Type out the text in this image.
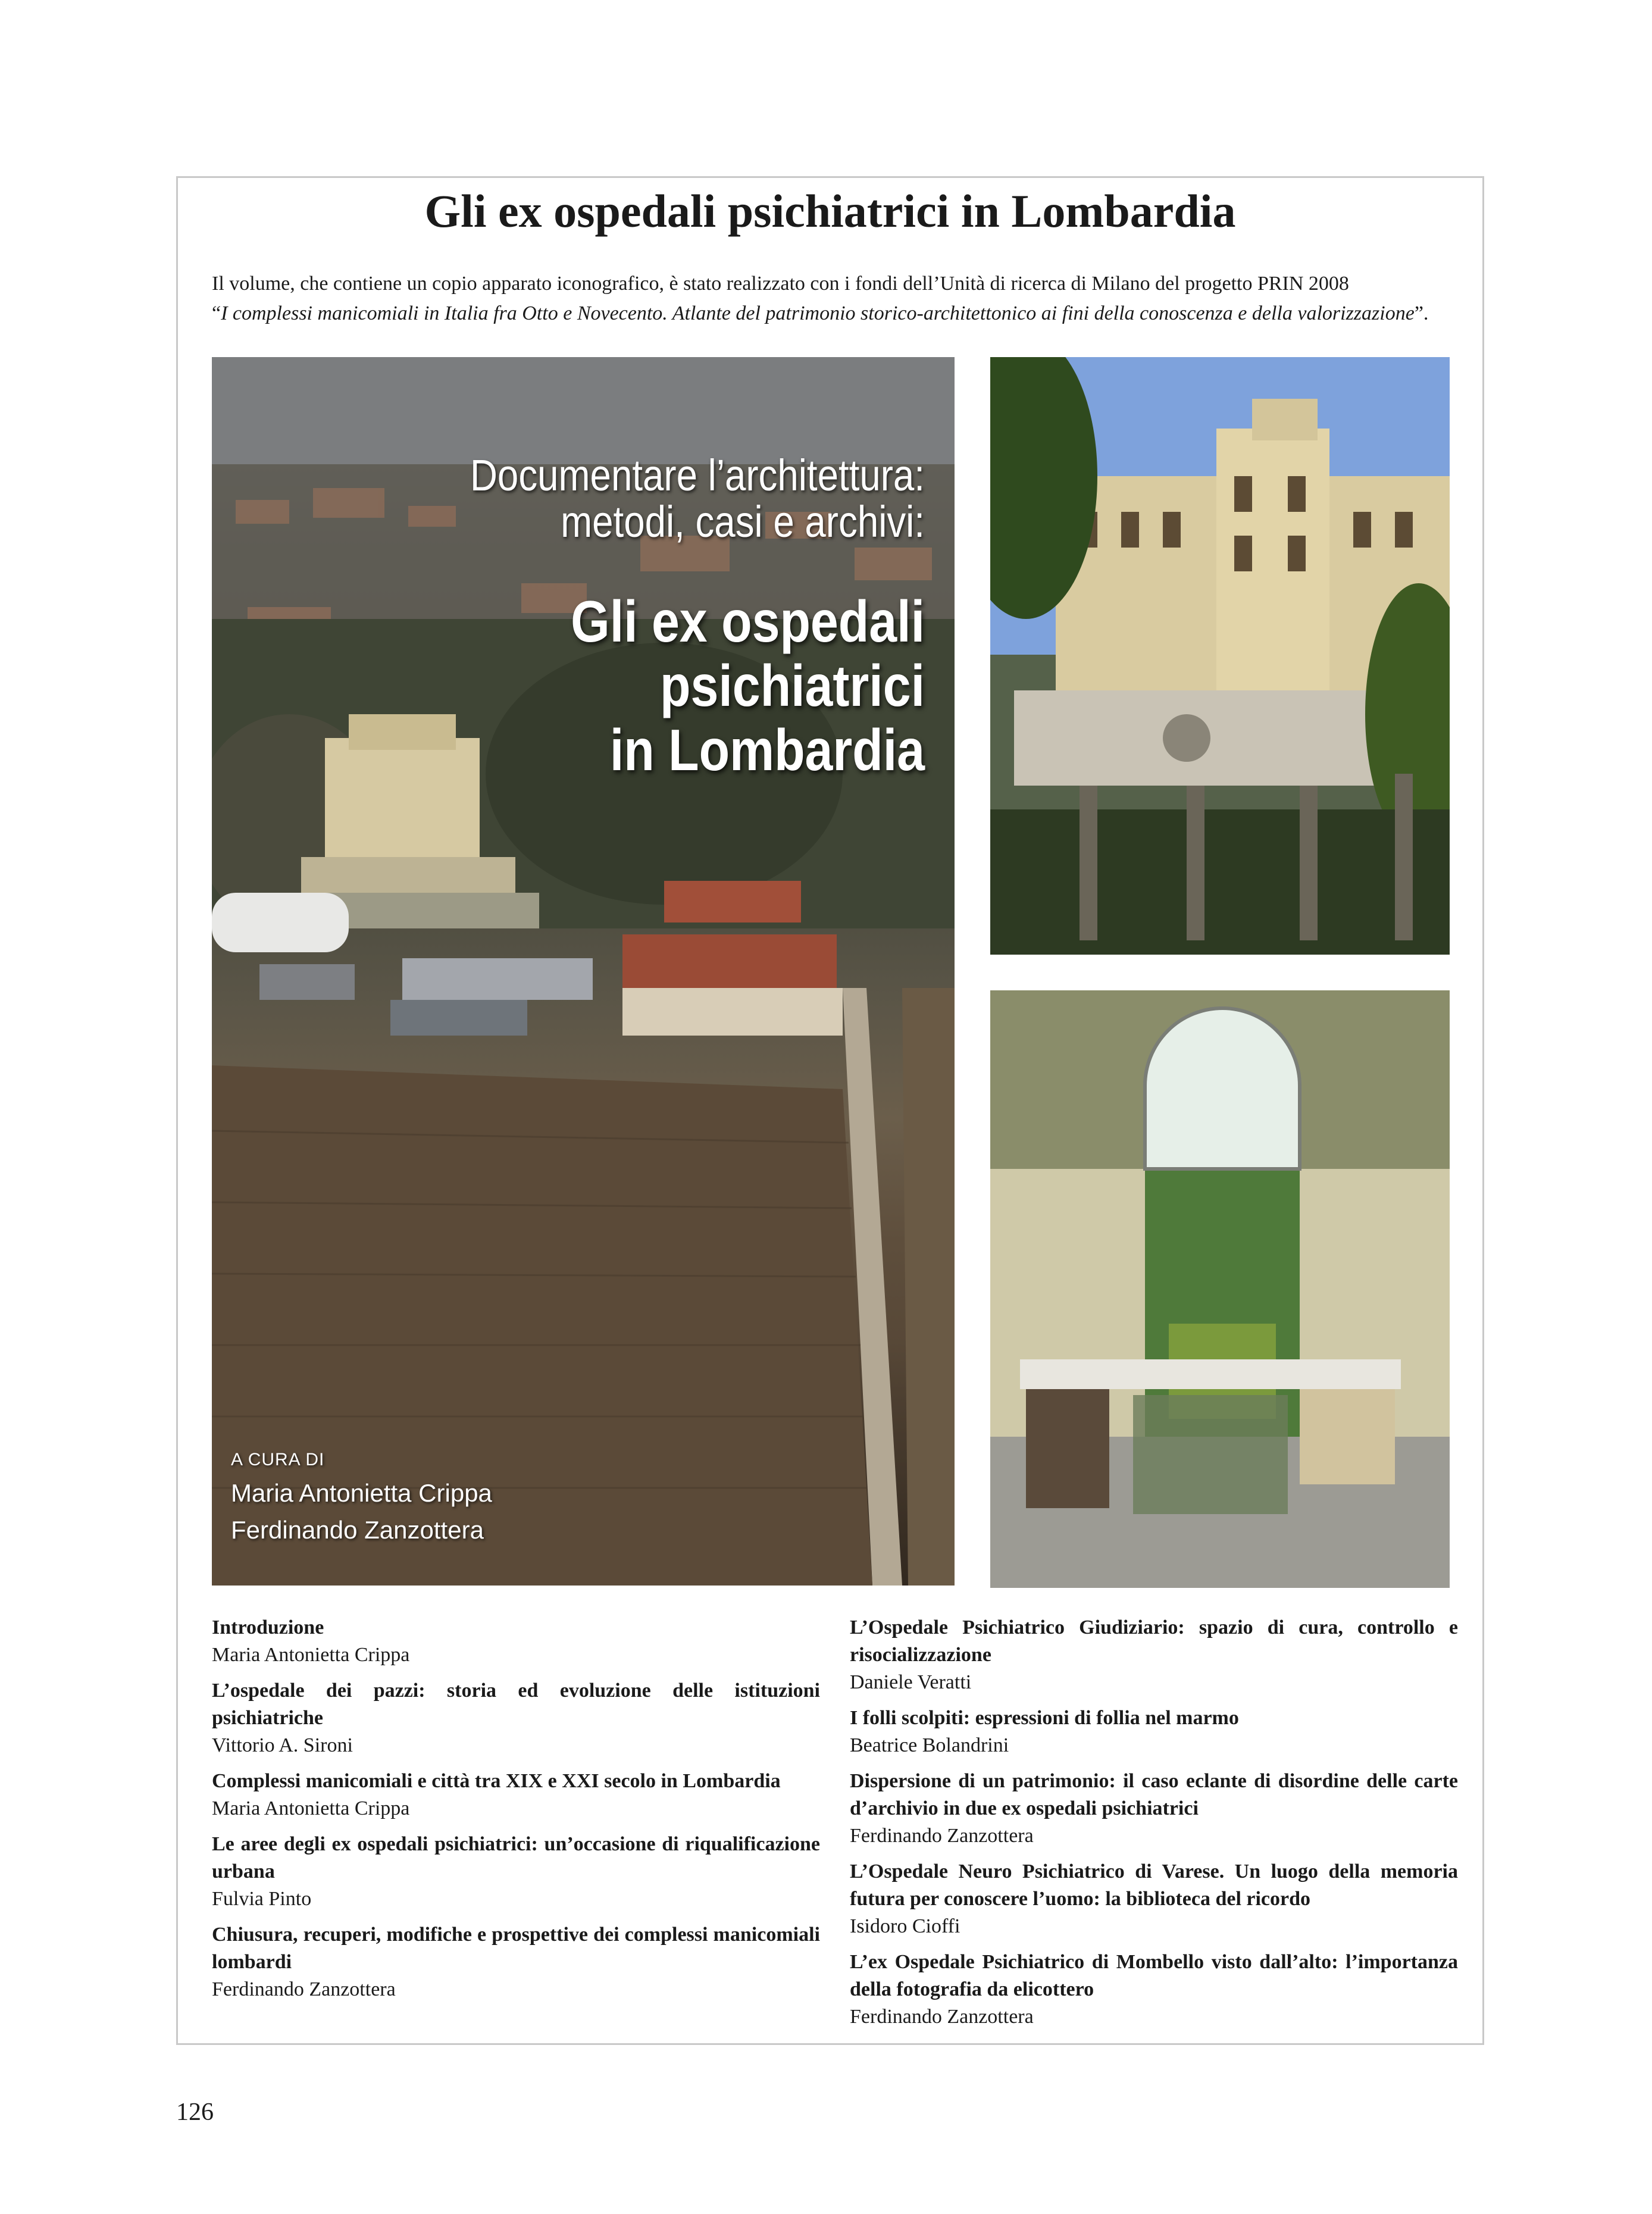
Gli ex ospedali psichiatrici in Lombardia

Il volume, che contiene un copio apparato iconografico, è stato realizzato con i fondi dell’Unità di ricerca di Milano del progetto PRIN 2008
“I complessi manicomiali in Italia fra Otto e Novecento. Atlante del patrimonio storico-architettonico ai fini della conoscenza e della valorizzazione”.

Documentare l’architettura:
metodi, casi e archivi:
Gli ex ospedali psichiatrici
in Lombardia
A CURA DI
Maria Antonietta Crippa
Ferdinando Zanzottera
Introduzione
Maria Antonietta Crippa
L’ospedale dei pazzi: storia ed evoluzione delle istituzioni psichiatriche
Vittorio A. Sironi
Complessi manicomiali e città tra XIX e XXI secolo in Lombardia
Maria Antonietta Crippa
Le aree degli ex ospedali psichiatrici: un’occasione di riqualificazione urbana
Fulvia Pinto
Chiusura, recuperi, modifiche e prospettive dei complessi manicomiali lombardi
Ferdinando Zanzottera
L’Ospedale Psichiatrico Giudiziario: spazio di cura, controllo e risocializzazione
Daniele Veratti
I folli scolpiti: espressioni di follia nel marmo
Beatrice Bolandrini
Dispersione di un patrimonio: il caso eclante di disordine delle carte d’archivio in due ex ospedali psichiatrici
Ferdinando Zanzottera
L’Ospedale Neuro Psichiatrico di Varese. Un luogo della memoria futura per conoscere l’uomo: la biblioteca del ricordo
Isidoro Cioffi
L’ex Ospedale Psichiatrico di Mombello visto dall’alto: l’importanza della fotografia da elicottero
Ferdinando Zanzottera
126
